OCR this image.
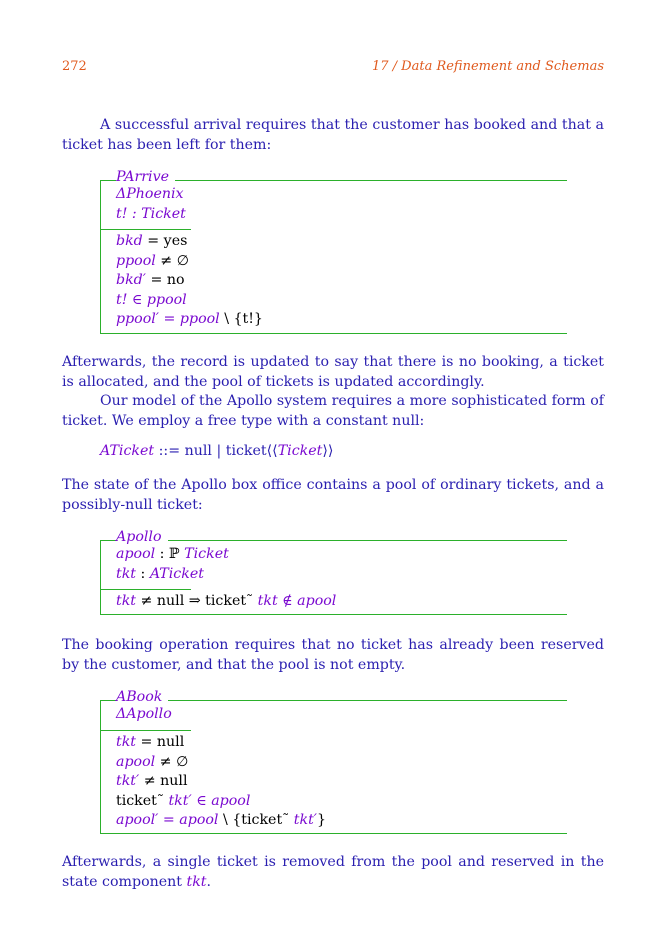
272	17 / Data Refinement and Schemas

A successful arrival requires that the customer has booked and that a ticket has been left for them:

PArrive
ΔPhoenix
t! : Ticket
bkd = yes
ppool ≠ ∅
bkd′ = no
t! ∈ ppool
ppool′ = ppool \ {t!}

Afterwards, the record is updated to say that there is no booking, a ticket is allocated, and the pool of tickets is updated accordingly.

Our model of the Apollo system requires a more sophisticated form of ticket. We employ a free type with a constant null:

ATicket ::= null | ticket⟨⟨Ticket⟩⟩

The state of the Apollo box office contains a pool of ordinary tickets, and a possibly-null ticket:

Apollo
apool : ℙ Ticket
tkt : ATicket
tkt ≠ null ⇒ ticket˜ tkt ∉ apool

The booking operation requires that no ticket has already been reserved by the customer, and that the pool is not empty.

ABook
ΔApollo
tkt = null
apool ≠ ∅
tkt′ ≠ null
ticket˜ tkt′ ∈ apool
apool′ = apool \ {ticket˜ tkt′}

Afterwards, a single ticket is removed from the pool and reserved in the state component tkt.
